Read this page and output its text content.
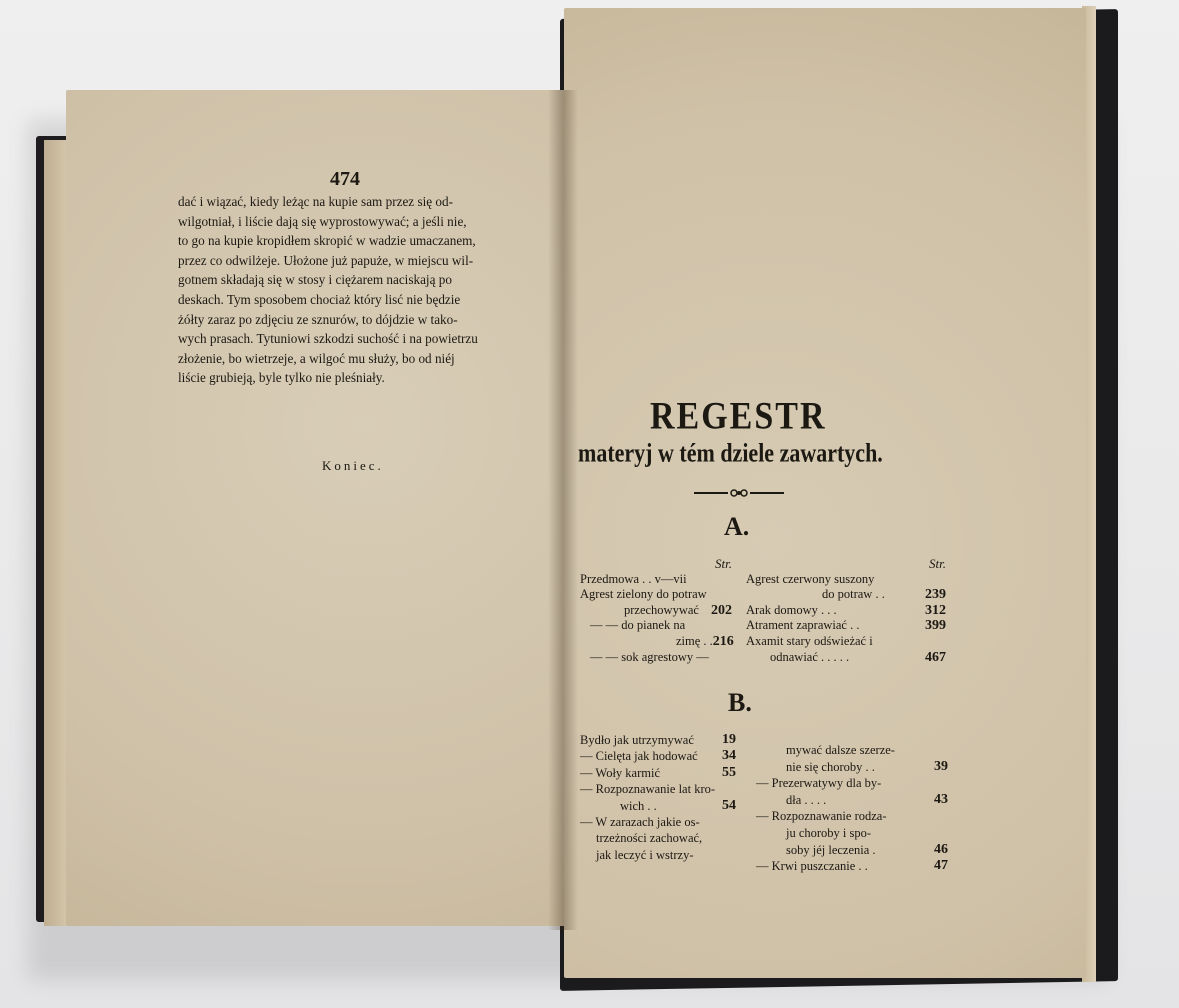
474
dać i wiązać, kiedy leżąc na kupie sam przez się od-
wilgotniał, i liście dają się wyprostowywać; a jeśli nie,
to go na kupie kropidłem skropić w wadzie umaczanem,
przez co odwilżeje. Ułożone już papuże, w miejscu wil-
gotnem składają się w stosy i ciężarem naciskają po
deskach. Tym sposobem chociaż który lisć nie będzie
żółty zaraz po zdjęciu ze sznurów, to dójdzie w tako-
wych prasach. Tytuniowi szkodzi suchość i na powietrzu
złożenie, bo wietrzeje, a wilgoć mu służy, bo od niéj
liście grubieją, byle tylko nie pleśniały.
Koniec.
REGESTR
materyj w tém dziele zawartych.
A.
Str.
Przedmowa . . v—vii
Agrest zielony do potraw
przechowywać 202
— — do pianek na
zimę . . 216
— — sok agrestowy —
Str.
Agrest czerwony suszony
do potraw . .	239
Arak domowy . . .	312
Atrament zaprawiać . .	399
Axamit stary odświeżać i
odnawiać . . . . .	467
B.
Bydło jak utrzymywać 19
— Cielęta jak hodować 34
— Woły karmić	55
— Rozpoznawanie lat kro-
wich . .	54
— W zarazach jakie os-
trzeżności zachować,
jak leczyć i wstrzy-
mywać dalsze szerze-
nie się choroby . .	39
— Prezerwatywy dla by-
dła . . . .	43
— Rozpoznawanie rodza-
ju choroby i spo-
soby jéj leczenia .	46
— Krwi puszczanie . .	47
